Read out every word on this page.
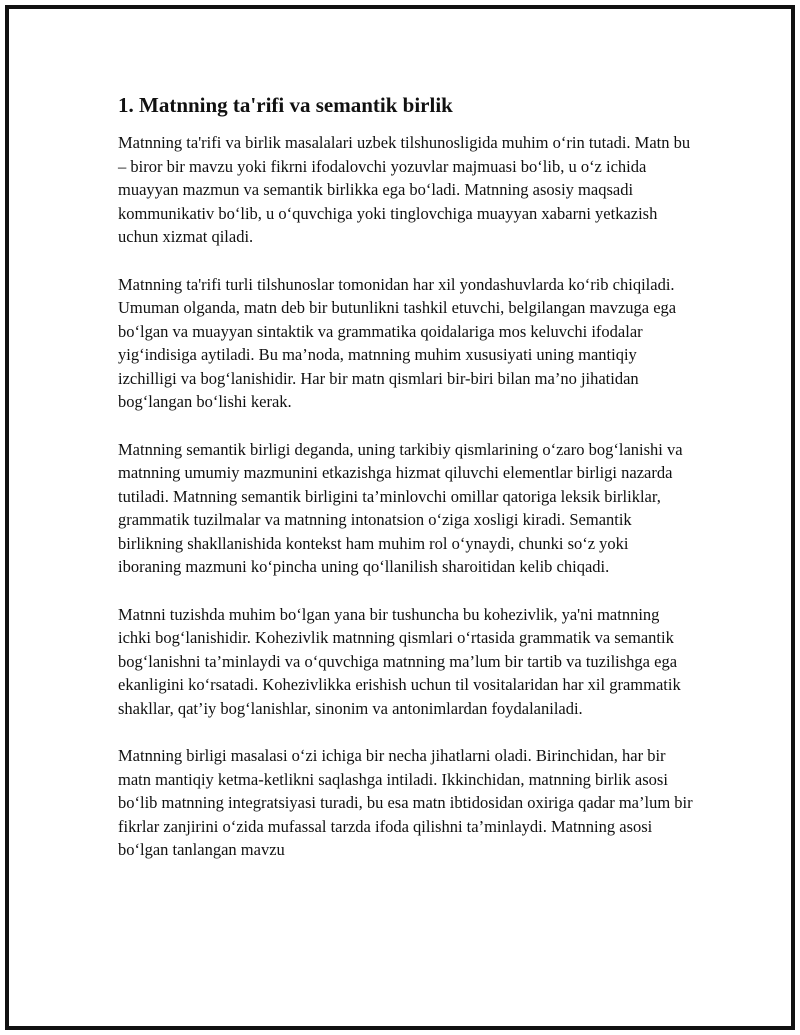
1. Matnning ta'rifi va semantik birlik

Matnning ta'rifi va birlik masalalari uzbek tilshunosligida muhim o‘rin tutadi. Matn bu – biror bir mavzu yoki fikrni ifodalovchi yozuvlar majmuasi bo‘lib, u o‘z ichida muayyan mazmun va semantik birlikka ega bo‘ladi. Matnning asosiy maqsadi kommunikativ bo‘lib, u o‘quvchiga yoki tinglovchiga muayyan xabarni yetkazish uchun xizmat qiladi.

Matnning ta'rifi turli tilshunoslar tomonidan har xil yondashuvlarda ko‘rib chiqiladi. Umuman olganda, matn deb bir butunlikni tashkil etuvchi, belgilangan mavzuga ega bo‘lgan va muayyan sintaktik va grammatika qoidalariga mos keluvchi ifodalar yig‘indisiga aytiladi. Bu ma’noda, matnning muhim xususiyati uning mantiqiy izchilligi va bog‘lanishidir. Har bir matn qismlari bir-biri bilan ma’no jihatidan bog‘langan bo‘lishi kerak.

Matnning semantik birligi deganda, uning tarkibiy qismlarining o‘zaro bog‘lanishi va matnning umumiy mazmunini etkazishga hizmat qiluvchi elementlar birligi nazarda tutiladi. Matnning semantik birligini ta’minlovchi omillar qatoriga leksik birliklar, grammatik tuzilmalar va matnning intonatsion o‘ziga xosligi kiradi. Semantik birlikning shakllanishida kontekst ham muhim rol o‘ynaydi, chunki so‘z yoki iboraning mazmuni ko‘pincha uning qo‘llanilish sharoitidan kelib chiqadi.

Matnni tuzishda muhim bo‘lgan yana bir tushuncha bu kohezivlik, ya'ni matnning ichki bog‘lanishidir. Kohezivlik matnning qismlari o‘rtasida grammatik va semantik bog‘lanishni ta’minlaydi va o‘quvchiga matnning ma’lum bir tartib va tuzilishga ega ekanligini ko‘rsatadi. Kohezivlikka erishish uchun til vositalaridan har xil grammatik shakllar, qat’iy bog‘lanishlar, sinonim va antonimlardan foydalaniladi.

Matnning birligi masalasi o‘zi ichiga bir necha jihatlarni oladi. Birinchidan, har bir matn mantiqiy ketma-ketlikni saqlashga intiladi. Ikkinchidan, matnning birlik asosi bo‘lib matnning integratsiyasi turadi, bu esa matn ibtidosidan oxiriga qadar ma’lum bir fikrlar zanjirini o‘zida mufassal tarzda ifoda qilishni ta’minlaydi. Matnning asosi bo‘lgan tanlangan mavzu
